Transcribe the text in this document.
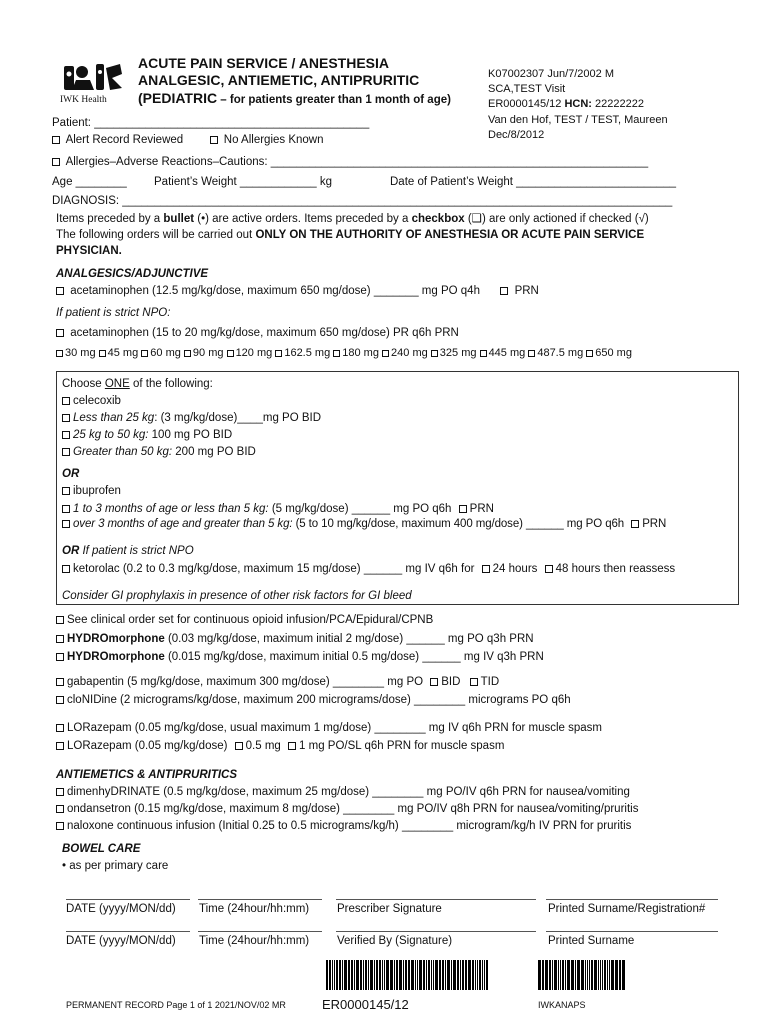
IWK Health
ACUTE PAIN SERVICE / ANESTHESIA
ANALGESIC, ANTIEMETIC, ANTIPRURITIC
(PEDIATRIC – for patients greater than 1 month of age)
K07002307 Jun/7/2002 M
SCA,TEST Visit
ER0000145/12 HCN: 22222222
Van den Hof, TEST / TEST, Maureen
Dec/8/2012
Patient: ___________________________________________
Alert Record Reviewed	No Allergies Known
Allergies–Adverse Reactions–Cautions: ___________________________________________________________
Age ________ Patient’s Weight ____________ kg	Date of Patient’s Weight _________________________
DIAGNOSIS: ______________________________________________________________________________________
Items preceded by a bullet (•) are active orders. Items preceded by a checkbox (❑) are only actioned if checked (√)
The following orders will be carried out ONLY ON THE AUTHORITY OF ANESTHESIA OR ACUTE PAIN SERVICE
PHYSICIAN.
ANALGESICS/ADJUNCTIVE
acetaminophen (12.5 mg/kg/dose, maximum 650 mg/dose) _______ mg PO q4h	PRN
If patient is strict NPO:
acetaminophen (15 to 20 mg/kg/dose, maximum 650 mg/dose) PR q6h PRN
30 mg 45 mg 60 mg 90 mg 120 mg 162.5 mg 180 mg 240 mg 325 mg 445 mg 487.5 mg 650 mg
Choose ONE of the following:
celecoxib
Less than 25 kg: (3 mg/kg/dose)____mg PO BID
25 kg to 50 kg: 100 mg PO BID
Greater than 50 kg: 200 mg PO BID
OR
ibuprofen
1 to 3 months of age or less than 5 kg: (5 mg/kg/dose) ______ mg PO q6h PRN
over 3 months of age and greater than 5 kg: (5 to 10 mg/kg/dose, maximum 400 mg/dose) ______ mg PO q6h PRN
OR If patient is strict NPO
ketorolac (0.2 to 0.3 mg/kg/dose, maximum 15 mg/dose) ______ mg IV q6h for 24 hours 48 hours then reassess
Consider GI prophylaxis in presence of other risk factors for GI bleed
See clinical order set for continuous opioid infusion/PCA/Epidural/CPNB
HYDROmorphone (0.03 mg/kg/dose, maximum initial 2 mg/dose) ______ mg PO q3h PRN
HYDROmorphone (0.015 mg/kg/dose, maximum initial 0.5 mg/dose) ______ mg IV q3h PRN
gabapentin (5 mg/kg/dose, maximum 300 mg/dose) ________ mg PO BID TID
cloNIDine (2 micrograms/kg/dose, maximum 200 micrograms/dose) ________ micrograms PO q6h
LORazepam (0.05 mg/kg/dose, usual maximum 1 mg/dose) ________ mg IV q6h PRN for muscle spasm
LORazepam (0.05 mg/kg/dose) 0.5 mg 1 mg PO/SL q6h PRN for muscle spasm
ANTIEMETICS & ANTIPRURITICS
dimenhyDRINATE (0.5 mg/kg/dose, maximum 25 mg/dose) ________ mg PO/IV q6h PRN for nausea/vomiting
ondansetron (0.15 mg/kg/dose, maximum 8 mg/dose) ________ mg PO/IV q8h PRN for nausea/vomiting/pruritis
naloxone continuous infusion (Initial 0.25 to 0.5 micrograms/kg/h) ________ microgram/kg/h IV PRN for pruritis
BOWEL CARE
• as per primary care
DATE (yyyy/MON/dd) Time (24hour/hh:mm) Prescriber Signature	Printed Surname/Registration#
DATE (yyyy/MON/dd) Time (24hour/hh:mm) Verified By (Signature)	Printed Surname
PERMANENT RECORD Page 1 of 1 2021/NOV/02 MR	ER0000145/12	IWKANAPS
